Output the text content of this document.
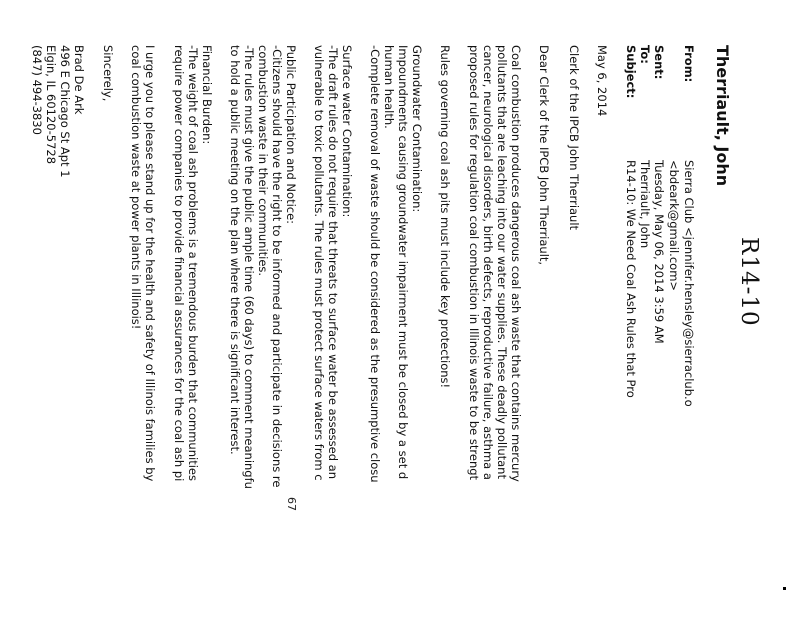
R14-10
Therriault, John
From:
Sierra Club <jennifer.hensley@sierraclub.o
<bdeark@gmail.com>
Sent:
Tuesday, May 06, 2014 3:59 AM
To:
Therriault, John
Subject:
R14-10: We Need Coal Ash Rules that Pro
May 6, 2014
Clerk of the IPCB John Therriault
Dear Clerk of the IPCB John Therriault,
Coal combustion produces dangerous coal ash waste that contains mercury
pollutants that are leaching into our water supplies. These deadly pollutant
cancer, neurological disorders, birth defects, reproductive failure, asthma a
proposed rules for regulation coal combustion in Illinois waste to be strengt
Rules governing coal ash pits must include key protections!
Groundwater Contamination:
Impoundments causing groundwater impairment must be closed by a set d
human health.
-Complete removal of waste should be considered as the presumptive closu
Surface water Contamination:
-The draft rules do not require that threats to surface water be assessed an
vulnerable to toxic pollutants. The rules must protect surface waters from c
Public Participation and Notice:
-Citizens should have the right to be informed and participate in decisions re
combustion waste in their communities.
-The rules must give the public ample time (60 days) to comment meaningfu
to hold a public meeting on the plan where there is significant interest.
Financial Burden:
-The weight of coal ash problems is a tremendous burden that communities
require power companies to provide financial assurances for the coal ash pi
I urge you to please stand up for the health and safety of Illinois families by
coal combustion waste at power plants in Illinois!
Sincerely,
Brad De Ark
496 E Chicago St Apt 1
Elgin, IL 60120-5728
(847) 494-3830
67
